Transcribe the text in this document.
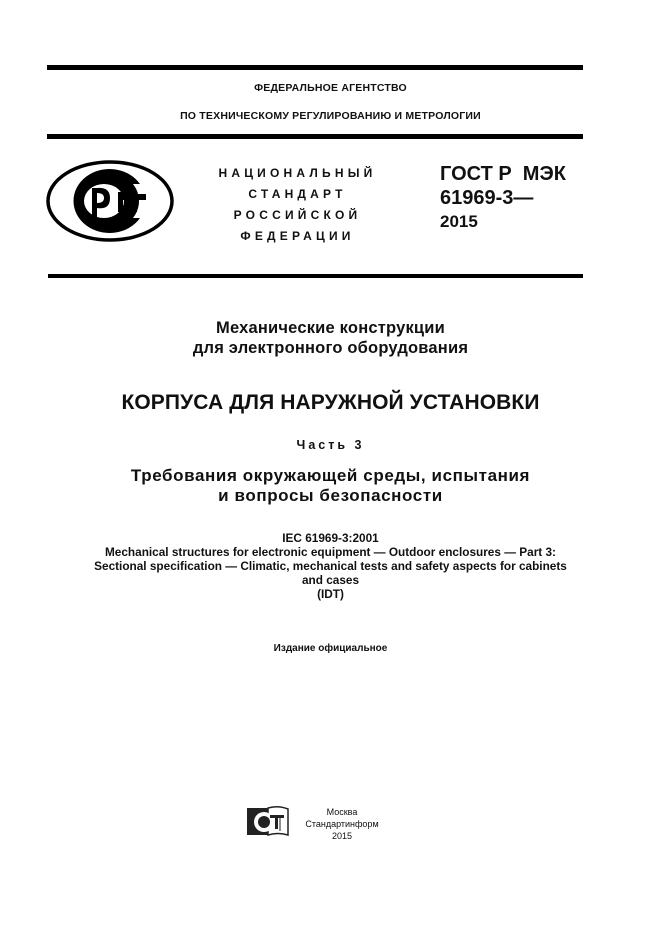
ФЕДЕРАЛЬНОЕ АГЕНТСТВО
ПО ТЕХНИЧЕСКОМУ РЕГУЛИРОВАНИЮ И МЕТРОЛОГИИ
НАЦИОНАЛЬНЫЙ
СТАНДАРТ
РОССИЙСКОЙ
ФЕДЕРАЦИИ
ГОСТ Р  МЭК
61969-3—
2015
Механические конструкции
для электронного оборудования
КОРПУСА ДЛЯ НАРУЖНОЙ УСТАНОВКИ
Часть 3
Требования окружающей среды, испытания
и вопросы безопасности
IEC 61969-3:2001
Mechanical structures for electronic equipment — Outdoor enclosures — Part 3:
Sectional specification — Climatic, mechanical tests and safety aspects for cabinets
and cases
(IDT)
Издание официальное
Москва
Стандартинформ
2015
